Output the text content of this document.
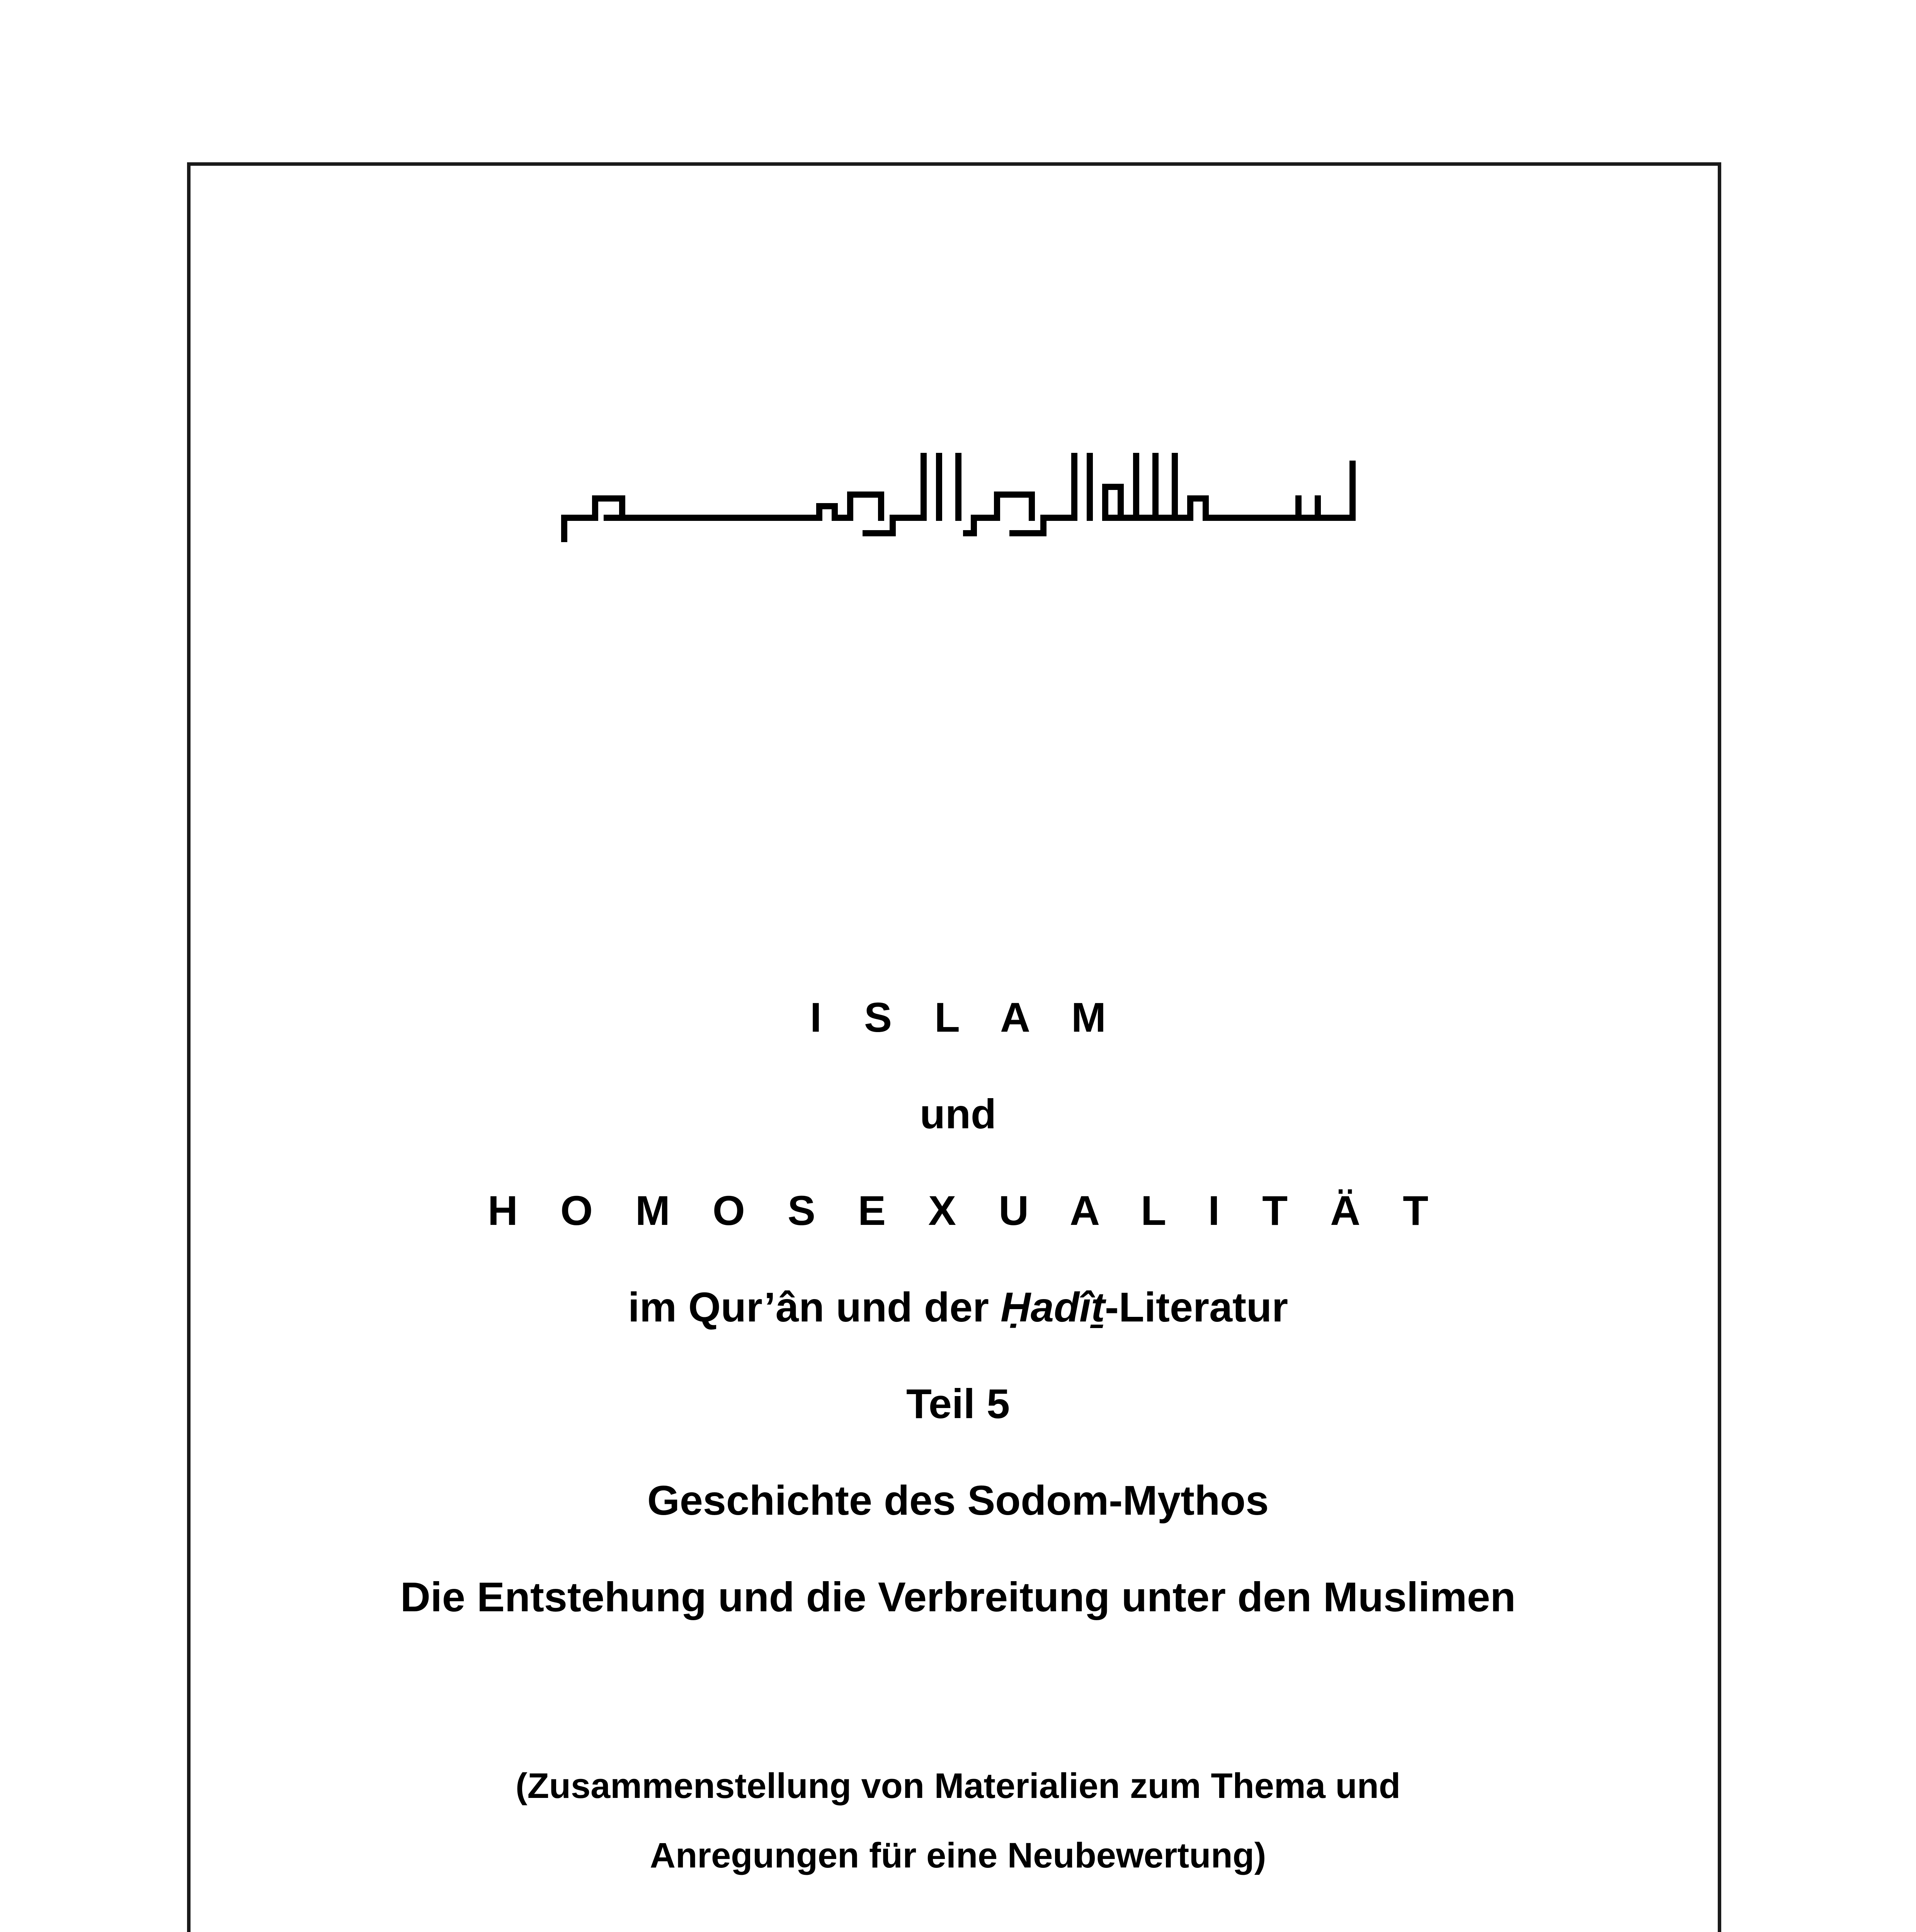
I S L A M
und
H O M O S E X U A L I T Ä T
im Qur’ân und der Ḥadîṯ-Literatur
Teil 5
Geschichte des Sodom-Mythos
Die Entstehung und die Verbreitung unter den Muslimen
(Zusammenstellung von Materialien zum Thema und
Anregungen für eine Neubewertung)
